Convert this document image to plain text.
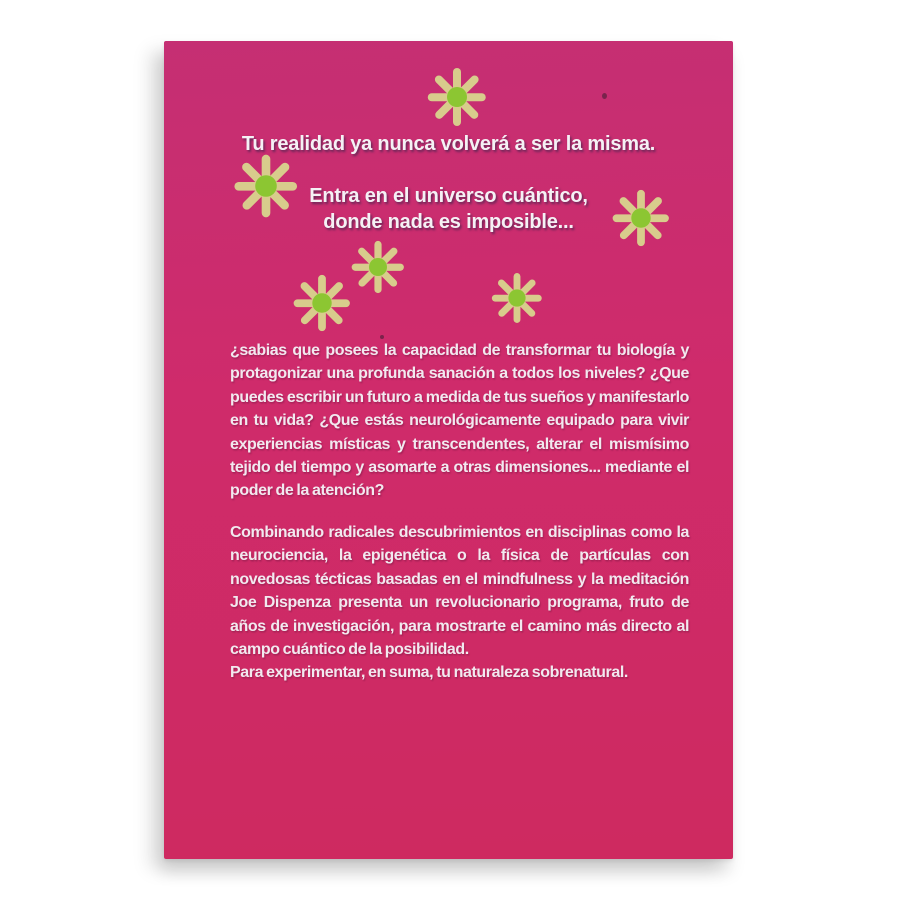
Tu realidad ya nunca volverá a ser la misma.
Entra en el universo cuántico,
donde nada es imposible...

¿sabias que posees la capacidad de transformar tu biología y protagonizar una profunda sanación a todos los niveles? ¿Que puedes escribir un futuro a medida de tus sueños y manifestarlo en tu vida? ¿Que estás neurológicamente equipado para vivir experiencias místicas y transcendentes, alterar el mismísimo tejido del tiempo y asomarte a otras dimensiones... mediante el poder de la atención?

Combinando radicales descubrimientos en disciplinas como la neurociencia, la epigenética o la física de partículas con novedosas técticas basadas en el mindfulness y la meditación Joe Dispenza presenta un revolucionario programa, fruto de años de investigación, para mostrarte el camino más directo al campo cuántico de la posibilidad.

Para experimentar, en suma, tu naturaleza sobrenatural.
